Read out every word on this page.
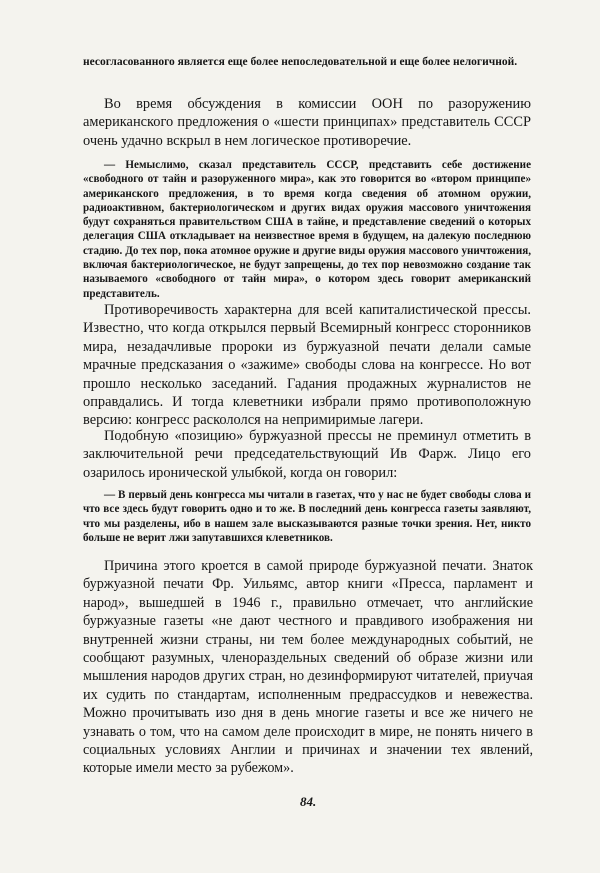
несогласованного является еще более непоследовательной и еще более нелогичной.

Во время обсуждения в комиссии ООН по разоружению американского предложения о «шести принципах» представитель СССР очень удачно вскрыл в нем логическое противоречие.

— Немыслимо, сказал представитель СССР, представить себе достижение «свободного от тайн и разоруженного мира», как это говорится во «втором принципе» американского предложения, в то время когда сведения об атомном оружии, радиоактивном, бактериологическом и других видах оружия массового уничтожения будут сохраняться правительством США в тайне, и представление сведений о которых делегация США откладывает на неизвестное время в будущем, на далекую последнюю стадию. До тех пор, пока атомное оружие и другие виды оружия массового уничтожения, включая бактериологическое, не будут запрещены, до тех пор невозможно создание так называемого «свободного от тайн мира», о котором здесь говорит американский представитель.

Противоречивость характерна для всей капиталистической прессы. Известно, что когда открылся первый Всемирный конгресс сторонников мира, незадачливые пророки из буржуазной печати делали самые мрачные предсказания о «зажиме» свободы слова на конгрессе. Но вот прошло несколько заседаний. Гадания продажных журналистов не оправдались. И тогда клеветники избрали прямо противоположную версию: конгресс раскололся на непримиримые лагери.

Подобную «позицию» буржуазной прессы не преминул отметить в заключительной речи председательствующий Ив Фарж. Лицо его озарилось иронической улыбкой, когда он говорил:

— В первый день конгресса мы читали в газетах, что у нас не будет свободы слова и что все здесь будут говорить одно и то же. В последний день конгресса газеты заявляют, что мы разделены, ибо в нашем зале высказываются разные точки зрения. Нет, никто больше не верит лжи запутавшихся клеветников.

Причина этого кроется в самой природе буржуазной печати. Знаток буржуазной печати Фр. Уильямс, автор книги «Пресса, парламент и народ», вышедшей в 1946 г., правильно отмечает, что английские буржуазные газеты «не дают честного и правдивого изображения ни внутренней жизни страны, ни тем более международных событий, не сообщают разумных, членораздельных сведений об образе жизни или мышления народов других стран, но дезинформируют читателей, приучая их судить по стандартам, исполненным предрассудков и невежества. Можно прочитывать изо дня в день многие газеты и все же ничего не узнавать о том, что на самом деле происходит в мире, не понять ничего в социальных условиях Англии и причинах и значении тех явлений, которые имели место за рубежом».

84.
